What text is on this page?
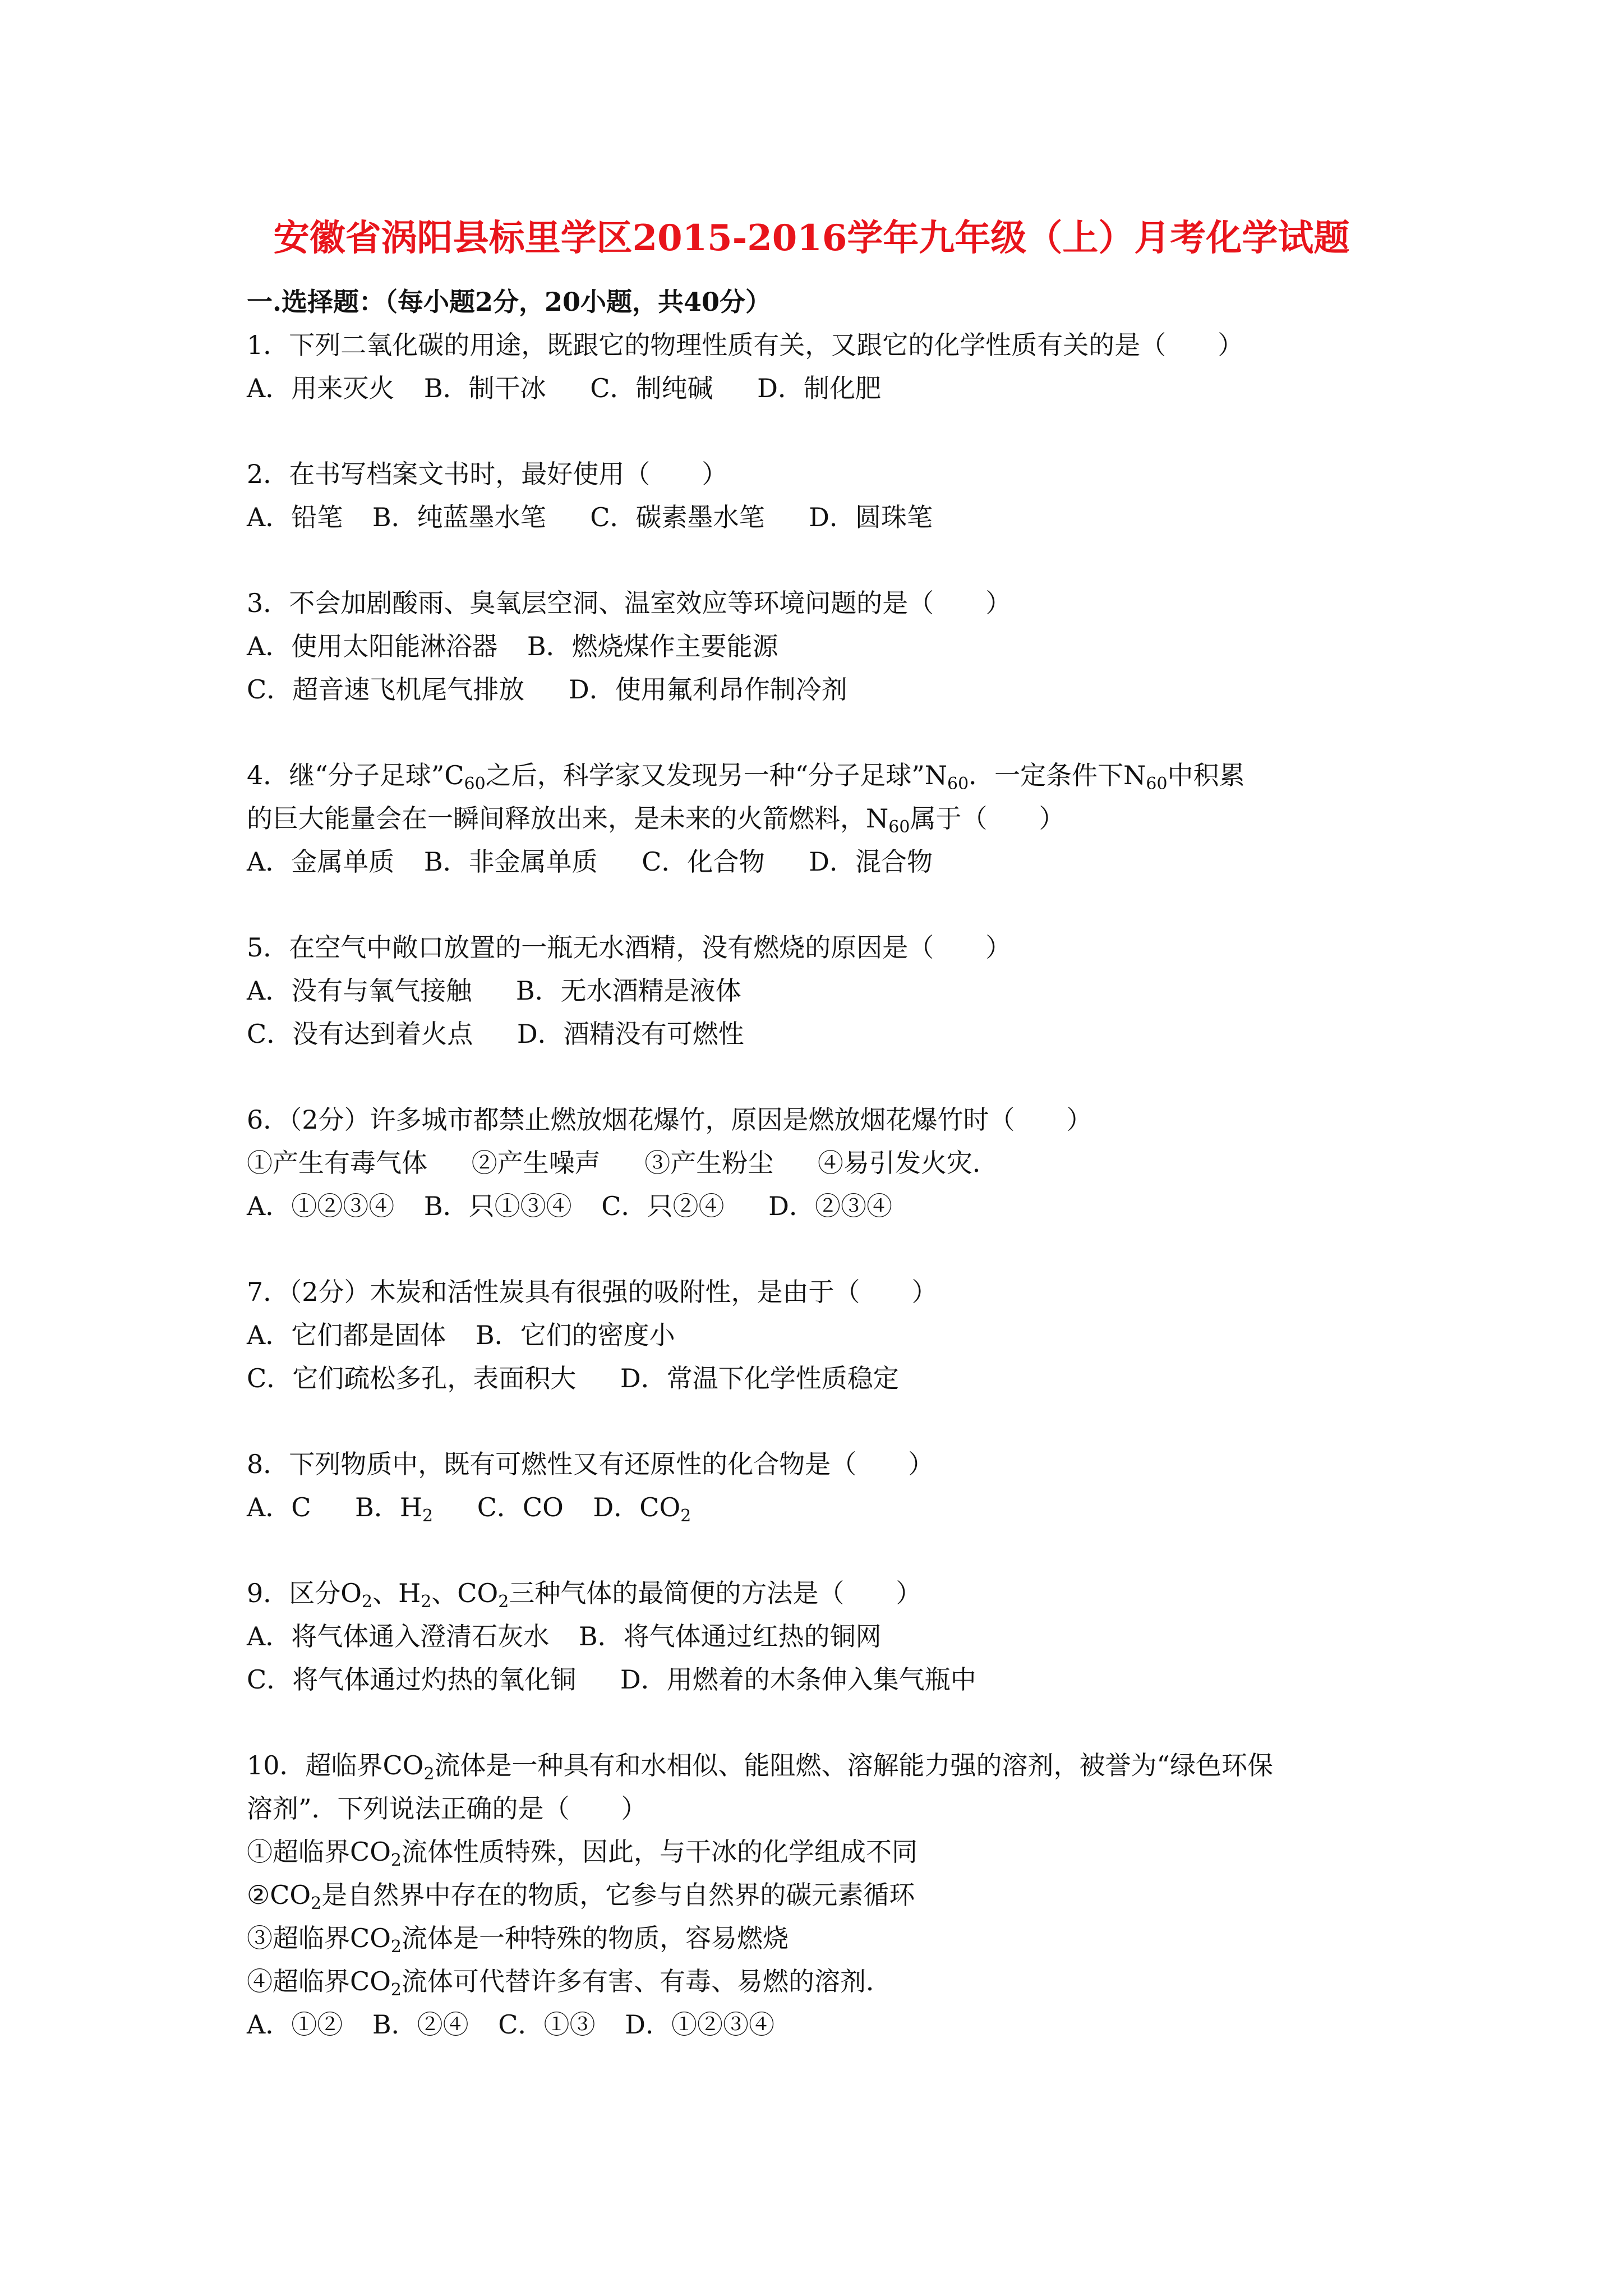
安徽省涡阳县标里学区2015-2016学年九年级（上）月考化学试题
一.选择题：（每小题2分，20小题，共40分）
1．下列二氧化碳的用途，既跟它的物理性质有关，又跟它的化学性质有关的是（　　）
A．用来灭火 B．制干冰 C．制纯碱 D．制化肥
2．在书写档案文书时，最好使用（　　）
A．铅笔 B．纯蓝墨水笔 C．碳素墨水笔 D．圆珠笔
3．不会加剧酸雨、臭氧层空洞、温室效应等环境问题的是（　　）
A．使用太阳能淋浴器 B．燃烧煤作主要能源
C．超音速飞机尾气排放 D．使用氟利昂作制冷剂
4．继“分子足球$”C_{60}$之后，科学家又发现另一种“分子足球$”N_{60}$．一定条件下$N_{60}$中积累
的巨大能量会在一瞬间释放出来，是未来的火箭燃料，$N_{60}$属于（　　）
A．金属单质 B．非金属单质 C．化合物 D．混合物
5．在空气中敞口放置的一瓶无水酒精，没有燃烧的原因是（　　）
A．没有与氧气接触 B．无水酒精是液体
C．没有达到着火点 D．酒精没有可燃性
6．（2分）许多城市都禁止燃放烟花爆竹，原因是燃放烟花爆竹时（　　）
①产生有毒气体 ②产生噪声 ③产生粉尘 ④易引发火灾．
A．①②③④ B．只①③④ C．只②④ D．②③④
7．（2分）木炭和活性炭具有很强的吸附性，是由于（　　）
A．它们都是固体 B．它们的密度小
C．它们疏松多孔，表面积大 D．常温下化学性质稳定
8．下列物质中，既有可燃性又有还原性的化合物是（　　）
A．C B．$H_2$ C．CO D．$CO_2$
9．区分$O_2$、$H_2$、$CO_2$三种气体的最简便的方法是（　　）
A．将气体通入澄清石灰水 B．将气体通过红热的铜网
C．将气体通过灼热的氧化铜 D．用燃着的木条伸入集气瓶中
10．超临界$CO_2$流体是一种具有和水相似、能阻燃、溶解能力强的溶剂，被誉为“绿色环保
溶剂”．下列说法正确的是（　　）
①超临界$CO_2$流体性质特殊，因此，与干冰的化学组成不同
$②CO_2$是自然界中存在的物质，它参与自然界的碳元素循环
③超临界$CO_2$流体是一种特殊的物质，容易燃烧
④超临界$CO_2$流体可代替许多有害、有毒、易燃的溶剂．
A．①② B．②④ C．①③ D．①②③④
